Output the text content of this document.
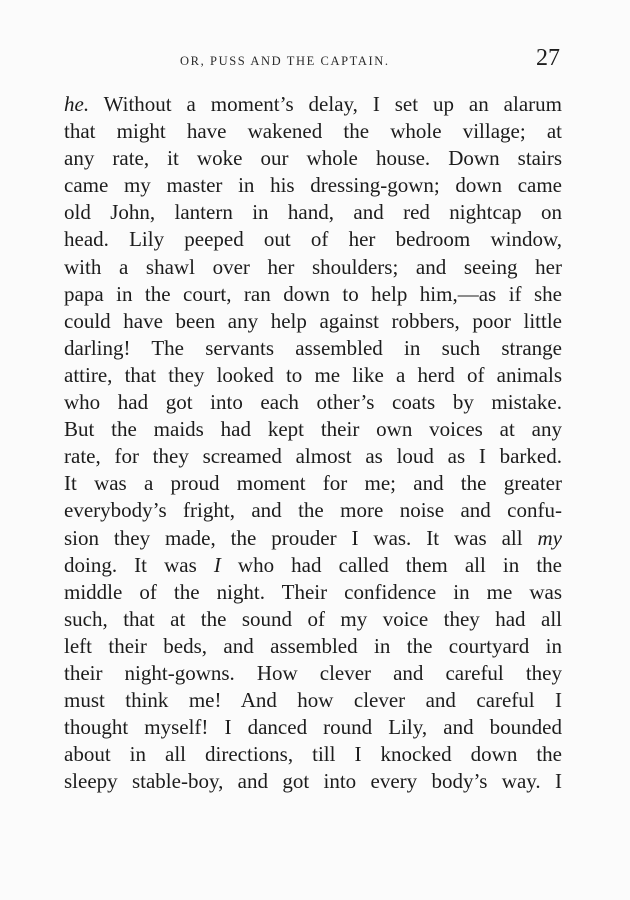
OR, PUSS AND THE CAPTAIN.	27
he. Without a moment’s delay, I set up an alarum
that might have wakened the whole village; at
any rate, it woke our whole house. Down stairs
came my master in his dressing-gown; down came
old John, lantern in hand, and red nightcap on
head. Lily peeped out of her bedroom window,
with a shawl over her shoulders; and seeing her
papa in the court, ran down to help him,—as if she
could have been any help against robbers, poor little
darling! The servants assembled in such strange
attire, that they looked to me like a herd of animals
who had got into each other’s coats by mistake.
But the maids had kept their own voices at any
rate, for they screamed almost as loud as I barked.
It was a proud moment for me; and the greater
everybody’s fright, and the more noise and confu-
sion they made, the prouder I was. It was all my
doing. It was I who had called them all in the
middle of the night. Their confidence in me was
such, that at the sound of my voice they had all
left their beds, and assembled in the courtyard in
their night-gowns. How clever and careful they
must think me! And how clever and careful I
thought myself! I danced round Lily, and bounded
about in all directions, till I knocked down the
sleepy stable-boy, and got into every body’s way. I
